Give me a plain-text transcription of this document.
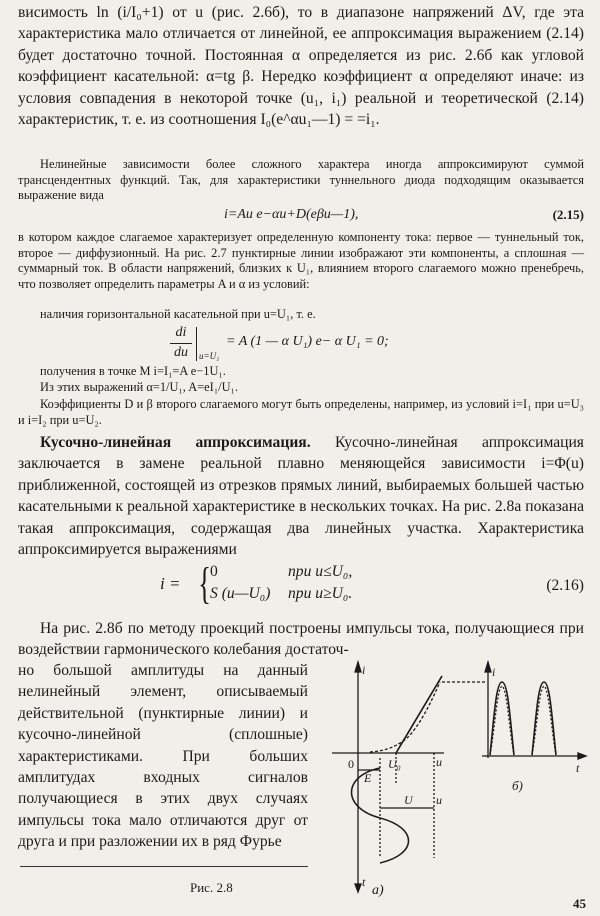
висимость ln (i/I₀+1) от u (рис. 2.6б), то в диапазоне напряжений ΔV, где эта характеристика мало отличается от линейной, ее аппроксимация выражением (2.14) будет достаточно точной. Постоянная α определяется из рис. 2.6б как угловой коэффициент касательной: α=tg β. Нередко коэффициент α определяют иначе: из условия совпадения в некоторой точке (u₁, i₁) реальной и теоретической (2.14) характеристик, т. е. из соотношения I₀(e^αu₁—1) = =i₁.
Нелинейные зависимости более сложного характера иногда аппроксимируют суммой трансцендентных функций. Так, для характеристики туннельного диода подходящим оказывается выражение вида
i=Au e−αu+D(eβu—1),	(2.15)
в котором каждое слагаемое характеризует определенную компоненту тока: первое — туннельный ток, второе — диффузионный. На рис. 2.7 пунктирные линии изображают эти компоненты, а сплошная — суммарный ток. В области напряжений, близких к U₁, влиянием второго слагаемого можно пренебречь, что позволяет определить параметры A и α из условий:
наличия горизонтальной касательной при u=U₁, т. е.
di
du	u=U₁
= A (1 — α U₁) e− α U₁ = 0;
получения в точке M i=I₁=A e−1U₁.
Из этих выражений α=1/U₁, A=eI₁/U₁.
Коэффициенты D и β второго слагаемого могут быть определены, например, из условий i=I₁ при u=U₃ и i=I₂ при u=U₂.
Кусочно-линейная аппроксимация. Кусочно-линейная аппроксимация заключается в замене реальной плавно меняющейся зависимости i=Φ(u) приближенной, состоящей из отрезков прямых линий, выбираемых большей частью касательными к реальной характеристике в нескольких точках. На рис. 2.8а показана такая аппроксимация, содержащая два линейных участка. Характеристика аппроксимируется выражениями
i = { 0	при u≤U₀,
S (u—U₀) при u≥U₀.	(2.16)
На рис. 2.8б по методу проекций построены импульсы тока, получающиеся при воздействии гармонического колебания достаточ-
но большой амплитуды на данный нелинейный элемент, описываемый действительной (пунктирные линии) и кусочно-линейной (сплошные) характеристиками. При больших амплитудах входных сигналов получающиеся в этих двух случаях импульсы тока мало отличаются друг от друга и при разложении их в ряд Фурье
i	i
t
t
u
u
0
E
U₀
U
а)
б)
Рис. 2.8
45
